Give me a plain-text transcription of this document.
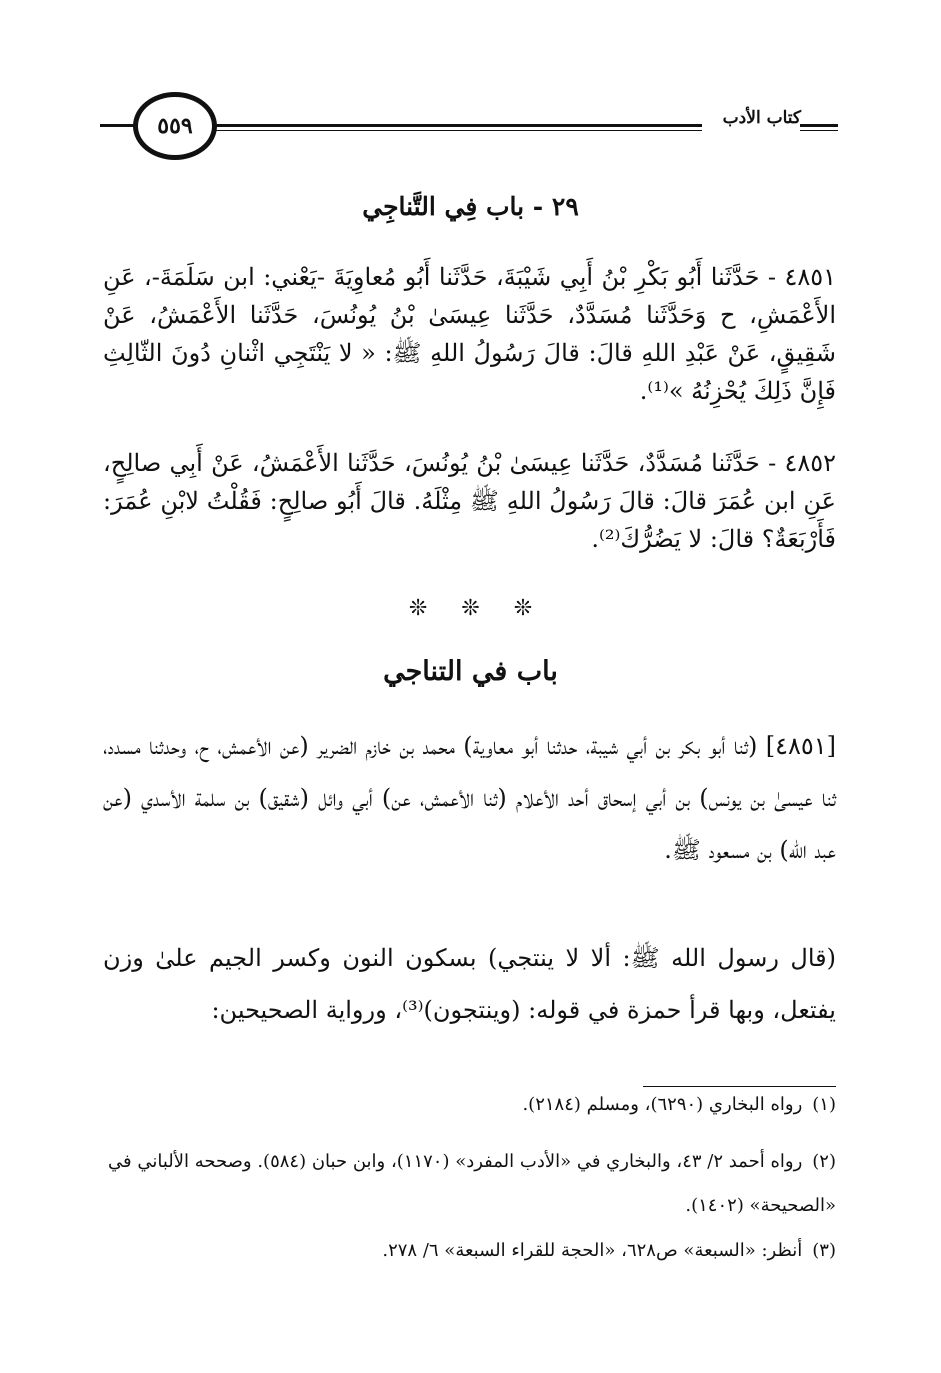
كتاب الأدب
٥٥٩
٢٩ - باب فِي التَّناجِي
٤٨٥١ - حَدَّثَنا أَبُو بَكْرِ بْنُ أَبِي شَيْبَةَ، حَدَّثَنا أَبُو مُعاوِيَةَ -يَعْني: ابن سَلَمَةَ-، عَنِ الأَعْمَشِ، ح وَحَدَّثَنا مُسَدَّدٌ، حَدَّثَنا عِيسَىٰ بْنُ يُونُسَ، حَدَّثَنا الأَعْمَشُ، عَنْ شَقِيقٍ، عَنْ عَبْدِ اللهِ قالَ: قالَ رَسُولُ اللهِ ﷺ: « لا يَنْتَجِي اثْنانِ دُونَ الثّالِثِ فَإِنَّ ذَلِكَ يُحْزِنُهُ »⁽¹⁾.
٤٨٥٢ - حَدَّثَنا مُسَدَّدٌ، حَدَّثَنا عِيسَىٰ بْنُ يُونُسَ، حَدَّثَنا الأَعْمَشُ، عَنْ أَبِي صالِحٍ، عَنِ ابن عُمَرَ قالَ: قالَ رَسُولُ اللهِ ﷺ مِثْلَهُ. قالَ أَبُو صالِحٍ: فَقُلْتُ لابْنِ عُمَرَ: فَأَرْبَعَةٌ؟ قالَ: لا يَضُرُّكَ⁽²⁾.
❊❊❊
باب في التناجي
[٤٨٥١] (ثنا أبو بكر بن أبي شيبة، حدثنا أبو معاوية) محمد بن خازم الضرير (عن الأعمش، ح، وحدثنا مسدد، ثنا عيسىٰ بن يونس) بن أبي إسحاق أحد الأعلام (ثنا الأعمش، عن) أبي وائل (شقيق) بن سلمة الأسدي (عن عبد الله) بن مسعود ﷺ.
(قال رسول الله ﷺ: ألا لا ينتجي) بسكون النون وكسر الجيم علىٰ وزن يفتعل، وبها قرأ حمزة في قوله: (وينتجون)⁽³⁾، ورواية الصحيحين:
(١)رواه البخاري (٦٢٩٠)، ومسلم (٢١٨٤).
(٢)رواه أحمد ٢/ ٤٣، والبخاري في «الأدب المفرد» (١١٧٠)، وابن حبان (٥٨٤). وصححه الألباني في «الصحيحة» (١٤٠٢).
(٣)أنظر: «السبعة» ص٦٢٨، «الحجة للقراء السبعة» ٦/ ٢٧٨.
